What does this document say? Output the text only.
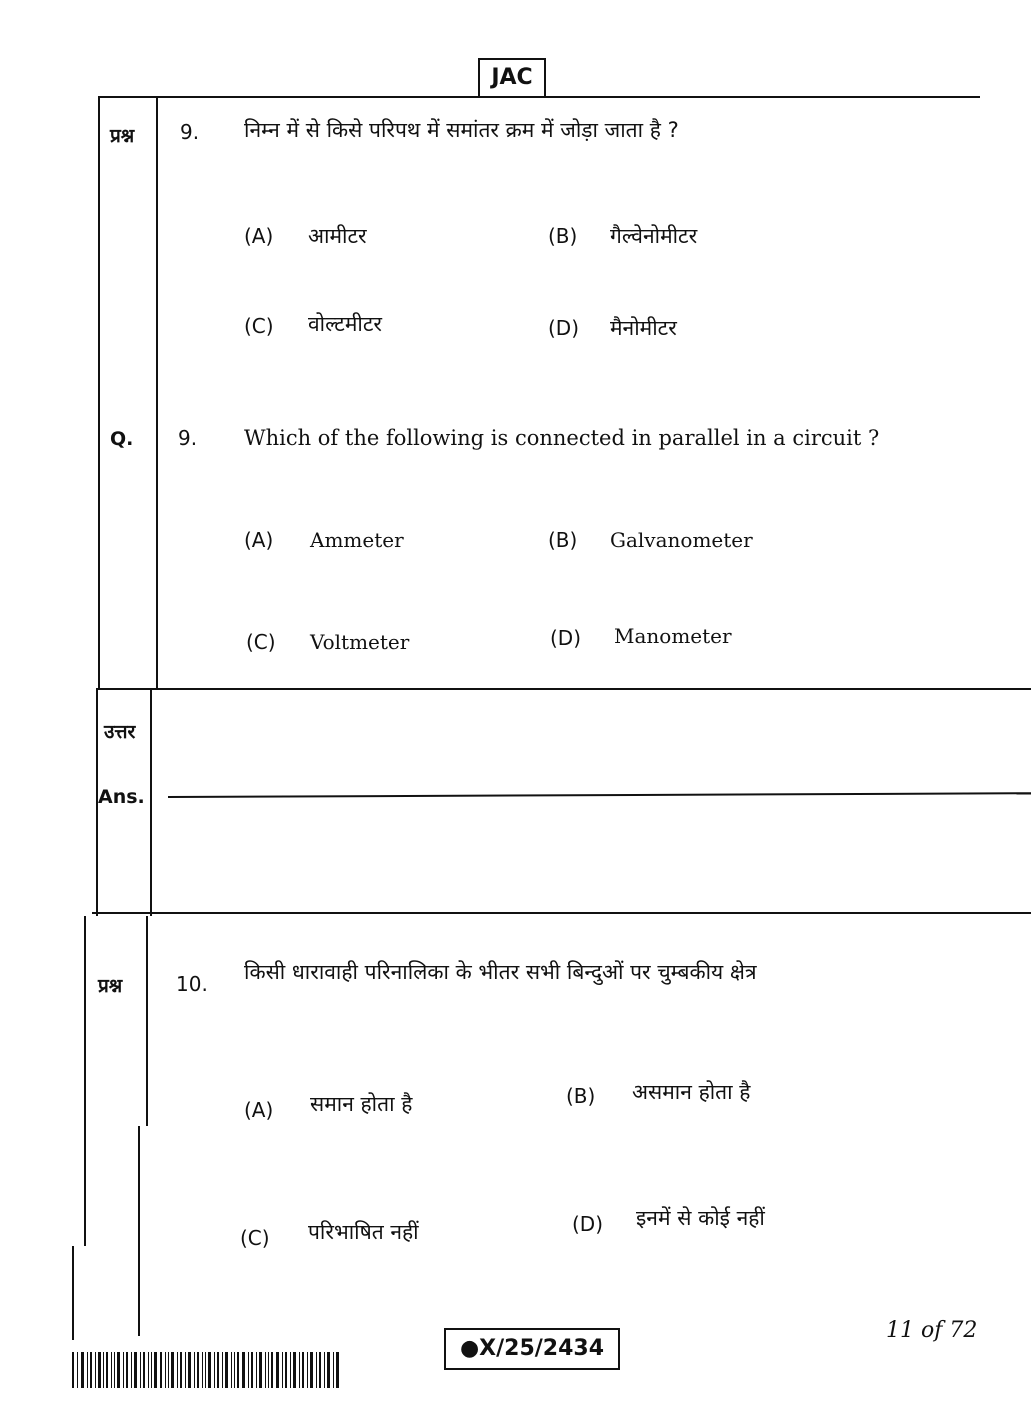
JAC
प्रश्न 9. निम्न में से किसे परिपथ में समांतर क्रम में जोड़ा जाता है ?
(A) आमीटर	(B) गैल्वेनोमीटर
(C) वोल्टमीटर	(D) मैनोमीटर
Q. 9. Which of the following is connected in parallel in a circuit ?
(A) Ammeter	(B) Galvanometer
(C) Voltmeter	(D) Manometer
उत्तर
Ans.
प्रश्न	10. किसी धारावाही परिनालिका के भीतर सभी बिन्दुओं पर चुम्बकीय क्षेत्र
(A) समान होता है	(B) असमान होता है
(C) परिभाषित नहीं	(D) इनमें से कोई नहीं
●X/25/2434
11 of 72
